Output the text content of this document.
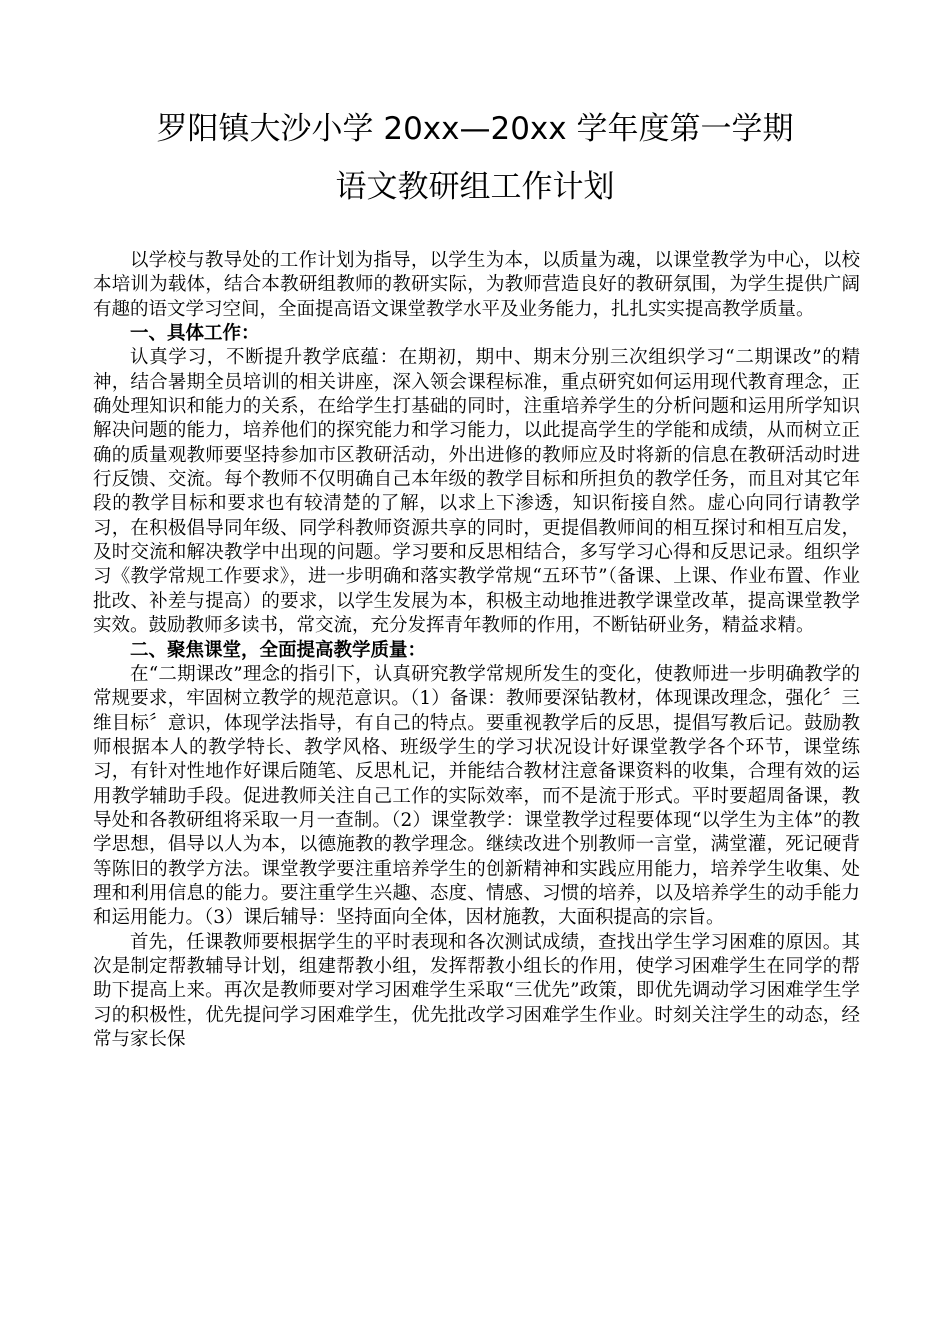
罗阳镇大沙小学 20xx—20xx 学年度第一学期
语文教研组工作计划

以学校与教导处的工作计划为指导，以学生为本，以质量为魂，以课堂教学为中心，以校本培训为载体，结合本教研组教师的教研实际，为教师营造良好的教研氛围，为学生提供广阔有趣的语文学习空间，全面提高语文课堂教学水平及业务能力，扎扎实实提高教学质量。

一、具体工作：

认真学习，不断提升教学底蕴：在期初，期中、期末分别三次组织学习“二期课改”的精神，结合暑期全员培训的相关讲座，深入领会课程标准，重点研究如何运用现代教育理念，正确处理知识和能力的关系，在给学生打基础的同时，注重培养学生的分析问题和运用所学知识解决问题的能力，培养他们的探究能力和学习能力，以此提高学生的学能和成绩，从而树立正确的质量观教师要坚持参加市区教研活动，外出进修的教师应及时将新的信息在教研活动时进行反馈、交流。每个教师不仅明确自己本年级的教学目标和所担负的教学任务，而且对其它年段的教学目标和要求也有较清楚的了解，以求上下渗透，知识衔接自然。虚心向同行请教学习，在积极倡导同年级、同学科教师资源共享的同时，更提倡教师间的相互探讨和相互启发，及时交流和解决教学中出现的问题。学习要和反思相结合，多写学习心得和反思记录。组织学习《教学常规工作要求》，进一步明确和落实教学常规“五环节”（备课、上课、作业布置、作业批改、补差与提高）的要求，以学生发展为本，积极主动地推进教学课堂改革，提高课堂教学实效。鼓励教师多读书，常交流，充分发挥青年教师的作用，不断钻研业务，精益求精。

二、聚焦课堂，全面提高教学质量：

在“二期课改”理念的指引下，认真研究教学常规所发生的变化，使教师进一步明确教学的常规要求，牢固树立教学的规范意识。（1）备课：教师要深钻教材，体现课改理念，强化〞三维目标〞意识，体现学法指导，有自己的特点。要重视教学后的反思，提倡写教后记。鼓励教师根据本人的教学特长、教学风格、班级学生的学习状况设计好课堂教学各个环节，课堂练习，有针对性地作好课后随笔、反思札记，并能结合教材注意备课资料的收集，合理有效的运用教学辅助手段。促进教师关注自己工作的实际效率，而不是流于形式。平时要超周备课，教导处和各教研组将采取一月一查制。（2）课堂教学：课堂教学过程要体现“以学生为主体”的教学思想，倡导以人为本，以德施教的教学理念。继续改进个别教师一言堂，满堂灌，死记硬背等陈旧的教学方法。课堂教学要注重培养学生的创新精神和实践应用能力，培养学生收集、处理和利用信息的能力。要注重学生兴趣、态度、情感、习惯的培养，以及培养学生的动手能力和运用能力。（3）课后辅导：坚持面向全体，因材施教，大面积提高的宗旨。

首先，任课教师要根据学生的平时表现和各次测试成绩，查找出学生学习困难的原因。其次是制定帮教辅导计划，组建帮教小组，发挥帮教小组长的作用，使学习困难学生在同学的帮助下提高上来。再次是教师要对学习困难学生采取“三优先”政策，即优先调动学习困难学生学习的积极性，优先提问学习困难学生，优先批改学习困难学生作业。时刻关注学生的动态，经常与家长保
